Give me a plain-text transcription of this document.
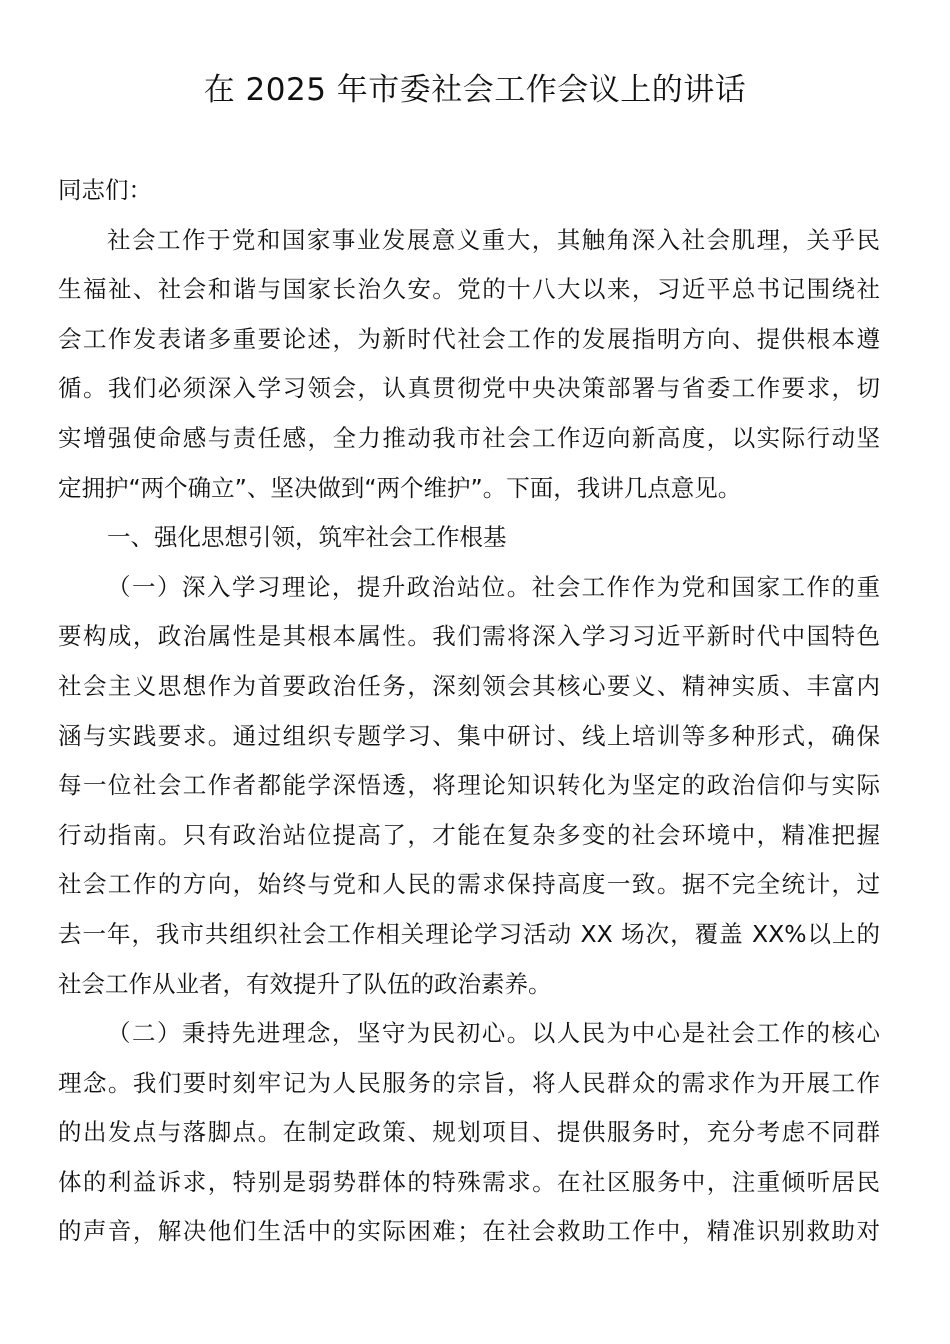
在 2025 年市委社会工作会议上的讲话
同志们：
社会工作于党和国家事业发展意义重大，其触角深入社会肌理，关乎民
生福祉、社会和谐与国家长治久安。党的十八大以来，习近平总书记围绕社
会工作发表诸多重要论述，为新时代社会工作的发展指明方向、提供根本遵
循。我们必须深入学习领会，认真贯彻党中央决策部署与省委工作要求，切
实增强使命感与责任感，全力推动我市社会工作迈向新高度，以实际行动坚
定拥护“两个确立”、坚决做到“两个维护”。下面，我讲几点意见。
一、强化思想引领，筑牢社会工作根基
（一）深入学习理论，提升政治站位。社会工作作为党和国家工作的重
要构成，政治属性是其根本属性。我们需将深入学习习近平新时代中国特色
社会主义思想作为首要政治任务，深刻领会其核心要义、精神实质、丰富内
涵与实践要求。通过组织专题学习、集中研讨、线上培训等多种形式，确保
每一位社会工作者都能学深悟透，将理论知识转化为坚定的政治信仰与实际
行动指南。只有政治站位提高了，才能在复杂多变的社会环境中，精准把握
社会工作的方向，始终与党和人民的需求保持高度一致。据不完全统计，过
去一年，我市共组织社会工作相关理论学习活动 XX 场次，覆盖 XX%以上的
社会工作从业者，有效提升了队伍的政治素养。
（二）秉持先进理念，坚守为民初心。以人民为中心是社会工作的核心
理念。我们要时刻牢记为人民服务的宗旨，将人民群众的需求作为开展工作
的出发点与落脚点。在制定政策、规划项目、提供服务时，充分考虑不同群
体的利益诉求，特别是弱势群体的特殊需求。在社区服务中，注重倾听居民
的声音，解决他们生活中的实际困难；在社会救助工作中，精准识别救助对
